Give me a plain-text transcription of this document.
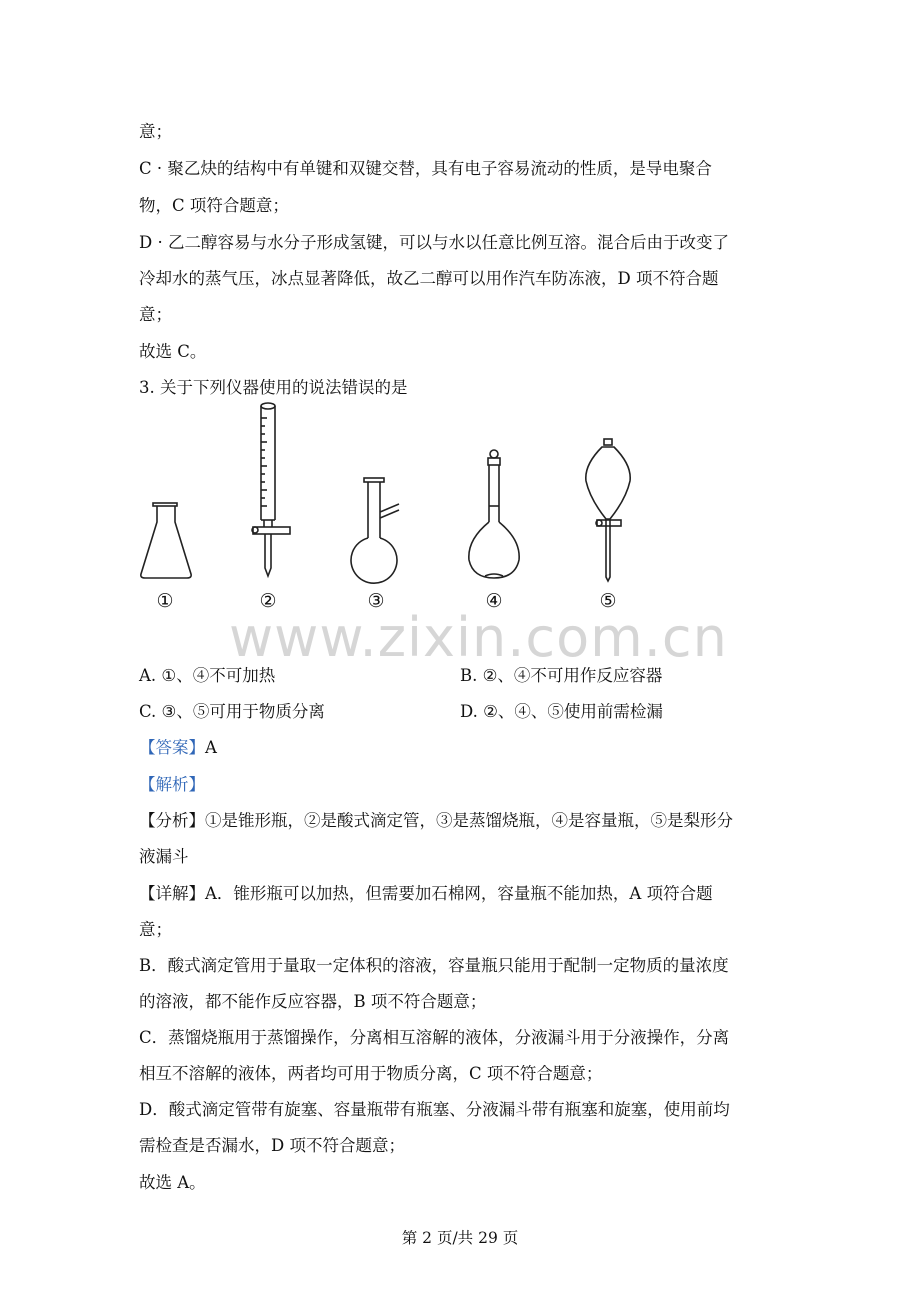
意；
C · 聚乙炔的结构中有单键和双键交替，具有电子容易流动的性质，是导电聚合
物，C 项符合题意；
D · 乙二醇容易与水分子形成氢键，可以与水以任意比例互溶。混合后由于改变了
冷却水的蒸气压，冰点显著降低，故乙二醇可以用作汽车防冻液，D 项不符合题
意；
故选 C。
3. 关于下列仪器使用的说法错误的是
①	②	③	④	⑤
www.zixin.com.cn
A. ①、④不可加热	B. ②、④不可用作反应容器
C. ③、⑤可用于物质分离	D. ②、④、⑤使用前需检漏
【答案】A
【解析】
【分析】①是锥形瓶，②是酸式滴定管，③是蒸馏烧瓶，④是容量瓶，⑤是梨形分
液漏斗
【详解】A．锥形瓶可以加热，但需要加石棉网，容量瓶不能加热，A 项符合题
意；
B．酸式滴定管用于量取一定体积的溶液，容量瓶只能用于配制一定物质的量浓度
的溶液，都不能作反应容器，B 项不符合题意；
C．蒸馏烧瓶用于蒸馏操作，分离相互溶解的液体，分液漏斗用于分液操作，分离
相互不溶解的液体，两者均可用于物质分离，C 项不符合题意；
D．酸式滴定管带有旋塞、容量瓶带有瓶塞、分液漏斗带有瓶塞和旋塞，使用前均
需检查是否漏水，D 项不符合题意；
故选 A。
第 2 页/共 29 页
